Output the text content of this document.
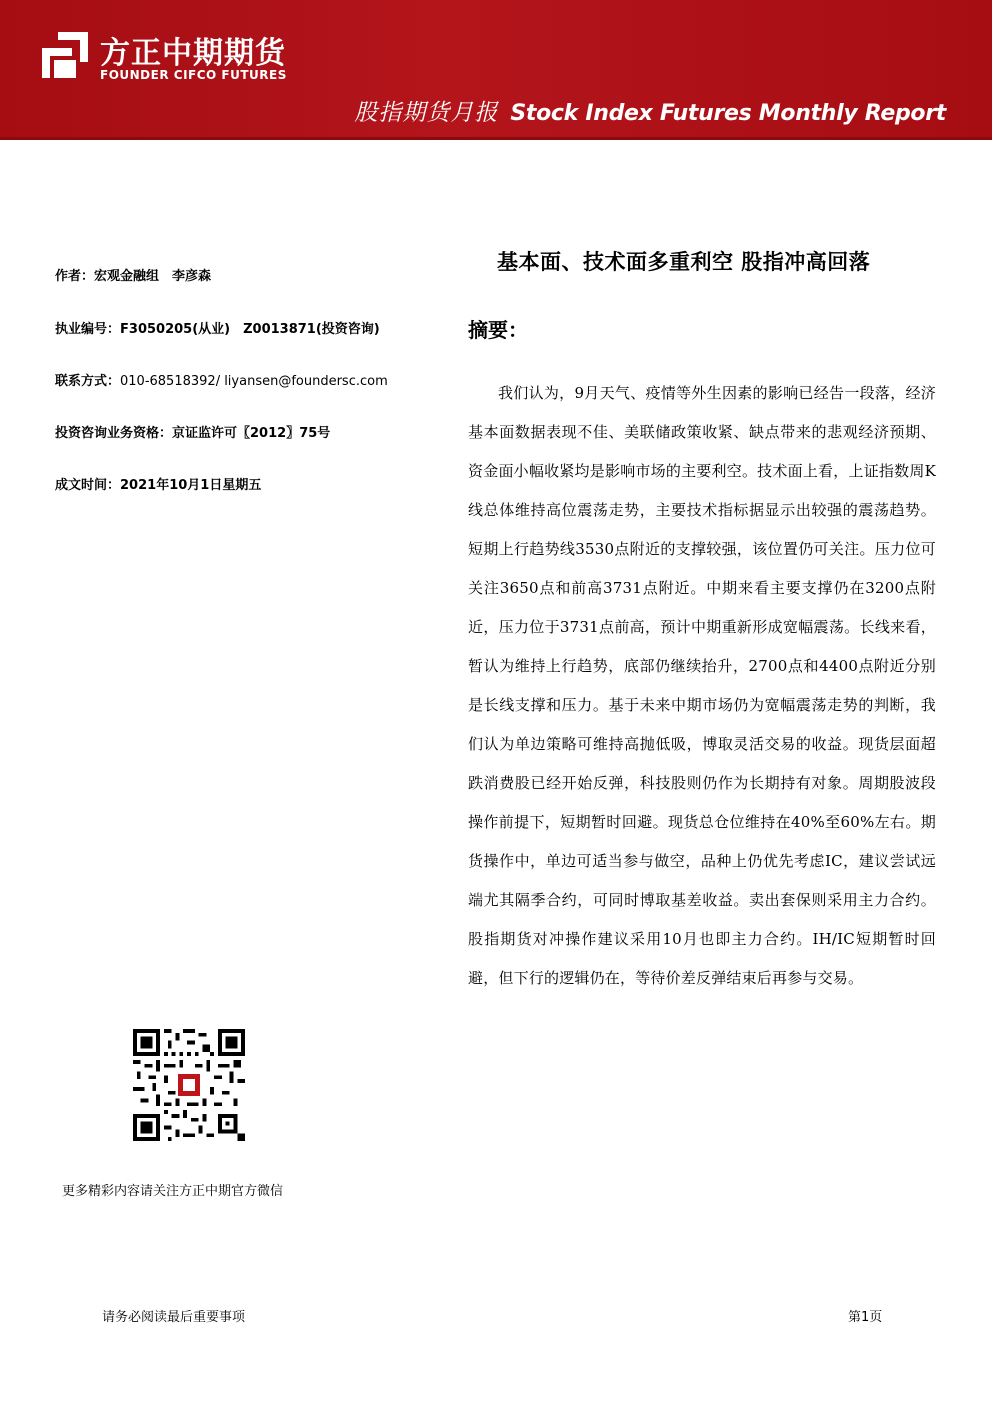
方正中期期货
FOUNDER CIFCO FUTURES
股指期货月报 Stock Index Futures Monthly Report
作者：宏观金融组　李彦森
执业编号：F3050205(从业)　Z0013871(投资咨询)
联系方式：010-68518392/ liyansen@foundersc.com
投资咨询业务资格：京证监许可〖2012〗75号
成文时间：2021年10月1日星期五
更多精彩内容请关注方正中期官方微信
基本面、技术面多重利空 股指冲高回落
摘要：
我们认为，9月天气、疫情等外生因素的影响已经告一段落，经济基本面数据表现不佳、美联储政策收紧、缺点带来的悲观经济预期、资金面小幅收紧均是影响市场的主要利空。技术面上看，上证指数周K线总体维持高位震荡走势，主要技术指标据显示出较强的震荡趋势。短期上行趋势线3530点附近的支撑较强，该位置仍可关注。压力位可关注3650点和前高3731点附近。中期来看主要支撑仍在3200点附近，压力位于3731点前高，预计中期重新形成宽幅震荡。长线来看，暂认为维持上行趋势，底部仍继续抬升，2700点和4400点附近分别是长线支撑和压力。基于未来中期市场仍为宽幅震荡走势的判断，我们认为单边策略可维持高抛低吸，博取灵活交易的收益。现货层面超跌消费股已经开始反弹，科技股则仍作为长期持有对象。周期股波段操作前提下，短期暂时回避。现货总仓位维持在40%至60%左右。期货操作中，单边可适当参与做空，品种上仍优先考虑IC，建议尝试远端尤其隔季合约，可同时博取基差收益。卖出套保则采用主力合约。股指期货对冲操作建议采用10月也即主力合约。IH/IC短期暂时回避，但下行的逻辑仍在，等待价差反弹结束后再参与交易。
请务必阅读最后重要事项	第1页
